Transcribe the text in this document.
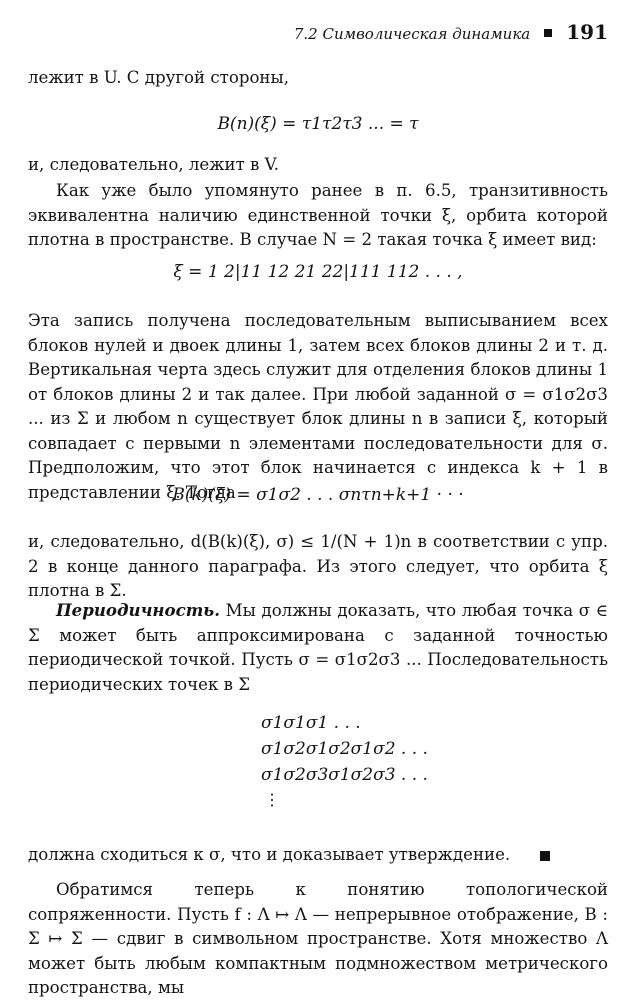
7.2 Символическая динамика 191

лежит в U. С другой стороны,

B(n)(ξ) = τ1τ2τ3 ... = τ

и, следовательно, лежит в V.

Как уже было упомянуто ранее в п. 6.5, транзитивность эквивалентна наличию единственной точки ξ, орбита которой плотна в пространстве. В случае N = 2 такая точка ξ имеет вид:

ξ = 1 2|11 12 21 22|111 112 . . . ,

Эта запись получена последовательным выписыванием всех блоков нулей и двоек длины 1, затем всех блоков длины 2 и т. д. Вертикальная черта здесь служит для отделения блоков длины 1 от блоков длины 2 и так далее. При любой заданной σ = σ1σ2σ3 ... из Σ и любом n существует блок длины n в записи ξ, который совпадает с первыми n элементами последовательности для σ. Предположим, что этот блок начинается с индекса k + 1 в представлении ξ. Тогда

B(k)(ξ) = σ1σ2 . . . σnτn+k+1 · · ·

и, следовательно, d(B(k)(ξ), σ) ≤ 1/(N + 1)n в соответствии с упр. 2 в конце данного параграфа. Из этого следует, что орбита ξ плотна в Σ.

Периодичность. Мы должны доказать, что любая точка σ ∈ Σ может быть аппроксимирована с заданной точностью периодической точкой. Пусть σ = σ1σ2σ3 ... Последовательность периодических точек в Σ

σ1σ1σ1 . . .
σ1σ2σ1σ2σ1σ2 . . .
σ1σ2σ3σ1σ2σ3 . . .
⋮

должна сходиться к σ, что и доказывает утверждение.

Обратимся теперь к понятию топологической сопряженности. Пусть f : Λ ↦ Λ — непрерывное отображение, B : Σ ↦ Σ — сдвиг в символьном пространстве. Хотя множество Λ может быть любым компактным подмножеством метрического пространства, мы
